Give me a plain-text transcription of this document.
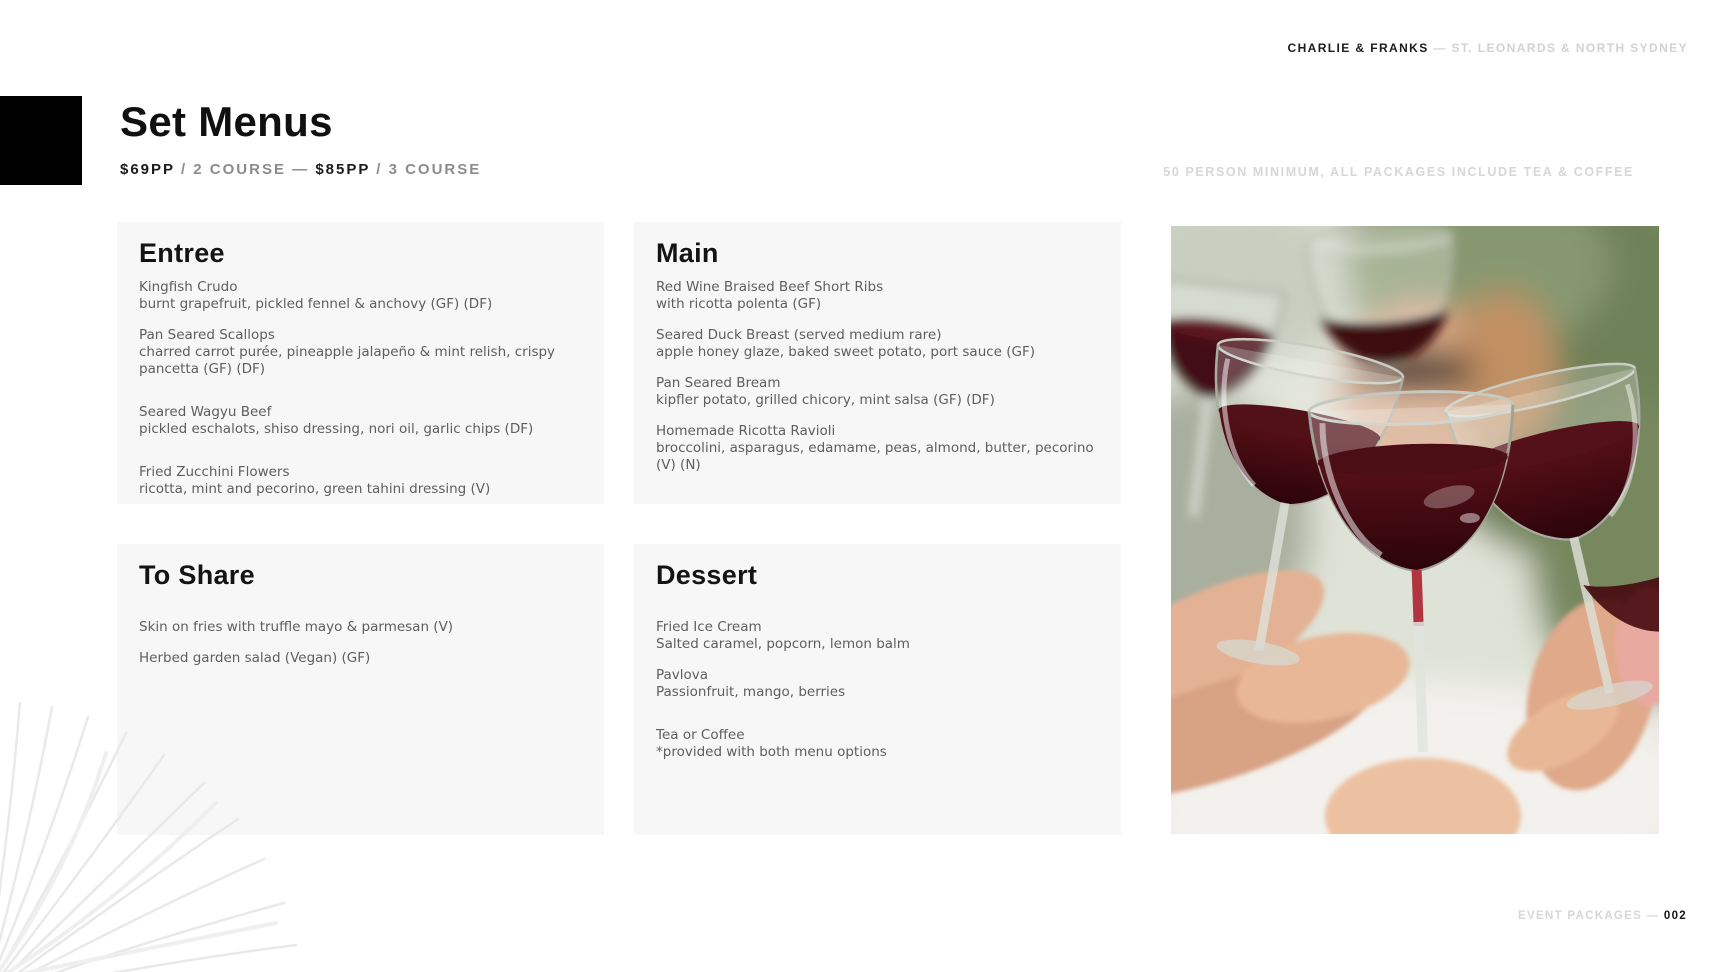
CHARLIE & FRANKS — ST. LEONARDS & NORTH SYDNEY
Set Menus
$69PP / 2 COURSE — $85PP / 3 COURSE	50 PERSON MINIMUM, ALL PACKAGES INCLUDE TEA & COFFEE
Entree
Kingfish Crudo
burnt grapefruit, pickled fennel & anchovy (GF) (DF)
Pan Seared Scallops
charred carrot purée, pineapple jalapeño & mint relish, crispy pancetta (GF) (DF)
Seared Wagyu Beef
pickled eschalots, shiso dressing, nori oil, garlic chips (DF)
Fried Zucchini Flowers
ricotta, mint and pecorino, green tahini dressing (V)
Main
Red Wine Braised Beef Short Ribs
with ricotta polenta (GF)
Seared Duck Breast (served medium rare)
apple honey glaze, baked sweet potato, port sauce (GF)
Pan Seared Bream
kipfler potato, grilled chicory, mint salsa (GF) (DF)
Homemade Ricotta Ravioli
broccolini, asparagus, edamame, peas, almond, butter, pecorino (V) (N)
To Share
Skin on fries with truffle mayo & parmesan (V)
Herbed garden salad (Vegan) (GF)
Dessert
Fried Ice Cream
Salted caramel, popcorn, lemon balm
Pavlova
Passionfruit, mango, berries
Tea or Coffee
*provided with both menu options
EVENT PACKAGES — 002
